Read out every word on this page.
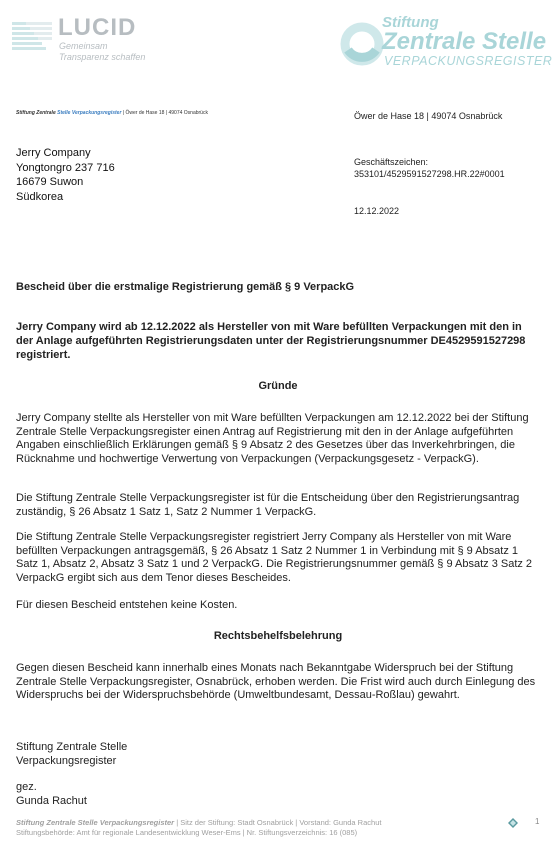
LUCID
Gemeinsam
Transparenz schaffen
Stiftung
Zentrale Stelle
VERPACKUNGSREGISTER
Stiftung Zentrale Stelle Verpackungsregister | Öwer de Hase 18 | 49074 Osnabrück	Öwer de Hase 18 | 49074 Osnabrück
Jerry Company
Yongtongro 237 716
16679 Suwon
Südkorea
Geschäftszeichen:
353101/4529591527298.HR.22#0001
12.12.2022
Bescheid über die erstmalige Registrierung gemäß § 9 VerpackG
Jerry Company wird ab 12.12.2022 als Hersteller von mit Ware befüllten Verpackungen mit den in der Anlage aufgeführten Registrierungsdaten unter der Registrierungsnummer DE4529591527298 registriert.
Gründe
Jerry Company stellte als Hersteller von mit Ware befüllten Verpackungen am 12.12.2022 bei der Stiftung Zentrale Stelle Verpackungsregister einen Antrag auf Registrierung mit den in der Anlage aufgeführten Angaben einschließlich Erklärungen gemäß § 9 Absatz 2 des Gesetzes über das Inverkehrbringen, die Rücknahme und hochwertige Verwertung von Verpackungen (Verpackungsgesetz - VerpackG).
Die Stiftung Zentrale Stelle Verpackungsregister ist für die Entscheidung über den Registrierungsantrag zuständig, § 26 Absatz 1 Satz 1, Satz 2 Nummer 1 VerpackG.
Die Stiftung Zentrale Stelle Verpackungsregister registriert Jerry Company als Hersteller von mit Ware befüllten Verpackungen antragsgemäß, § 26 Absatz 1 Satz 2 Nummer 1 in Verbindung mit § 9 Absatz 1 Satz 1, Absatz 2, Absatz 3 Satz 1 und 2 VerpackG. Die Registrierungsnummer gemäß § 9 Absatz 3 Satz 2 VerpackG ergibt sich aus dem Tenor dieses Bescheides.
Für diesen Bescheid entstehen keine Kosten.
Rechtsbehelfsbelehrung
Gegen diesen Bescheid kann innerhalb eines Monats nach Bekanntgabe Widerspruch bei der Stiftung Zentrale Stelle Verpackungsregister, Osnabrück, erhoben werden. Die Frist wird auch durch Einlegung des Widerspruchs bei der Widerspruchsbehörde (Umweltbundesamt, Dessau-Roßlau) gewahrt.
Stiftung Zentrale Stelle
Verpackungsregister
gez.
Gunda Rachut
Stiftung Zentrale Stelle Verpackungsregister | Sitz der Stiftung: Stadt Osnabrück | Vorstand: Gunda Rachut
Stiftungsbehörde: Amt für regionale Landesentwicklung Weser-Ems | Nr. Stiftungsverzeichnis: 16 (085)
1
